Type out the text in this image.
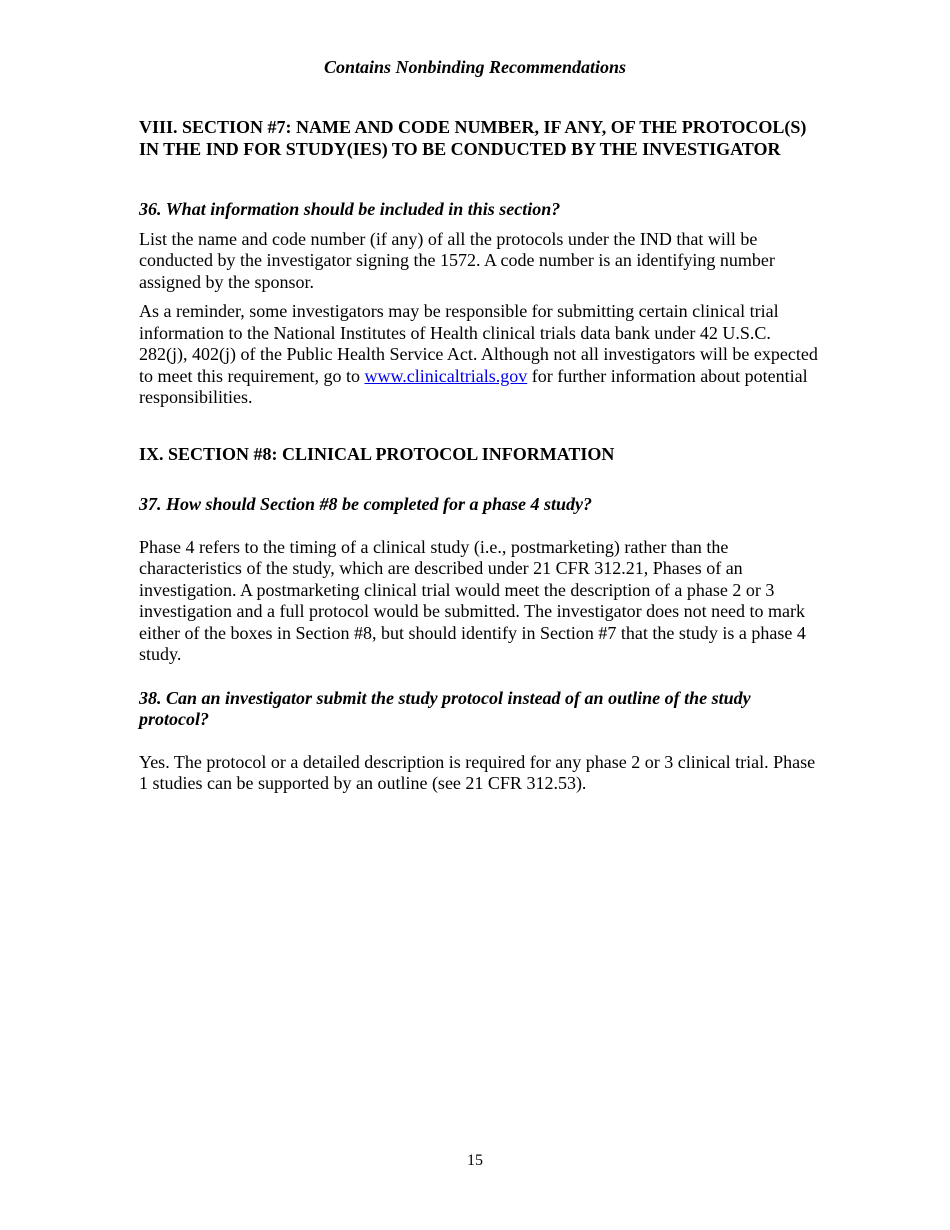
Contains Nonbinding Recommendations
VIII. SECTION #7: NAME AND CODE NUMBER, IF ANY, OF THE PROTOCOL(S) IN THE IND FOR STUDY(IES) TO BE CONDUCTED BY THE INVESTIGATOR
36. What information should be included in this section?

List the name and code number (if any) of all the protocols under the IND that will be conducted by the investigator signing the 1572. A code number is an identifying number assigned by the sponsor.

As a reminder, some investigators may be responsible for submitting certain clinical trial information to the National Institutes of Health clinical trials data bank under 42 U.S.C. 282(j), 402(j) of the Public Health Service Act. Although not all investigators will be expected to meet this requirement, go to www.clinicaltrials.gov for further information about potential responsibilities.

IX. SECTION #8: CLINICAL PROTOCOL INFORMATION
37. How should Section #8 be completed for a phase 4 study?

Phase 4 refers to the timing of a clinical study (i.e., postmarketing) rather than the characteristics of the study, which are described under 21 CFR 312.21, Phases of an investigation. A postmarketing clinical trial would meet the description of a phase 2 or 3 investigation and a full protocol would be submitted. The investigator does not need to mark either of the boxes in Section #8, but should identify in Section #7 that the study is a phase 4 study.

38. Can an investigator submit the study protocol instead of an outline of the study protocol?

Yes. The protocol or a detailed description is required for any phase 2 or 3 clinical trial. Phase 1 studies can be supported by an outline (see 21 CFR 312.53).

15
